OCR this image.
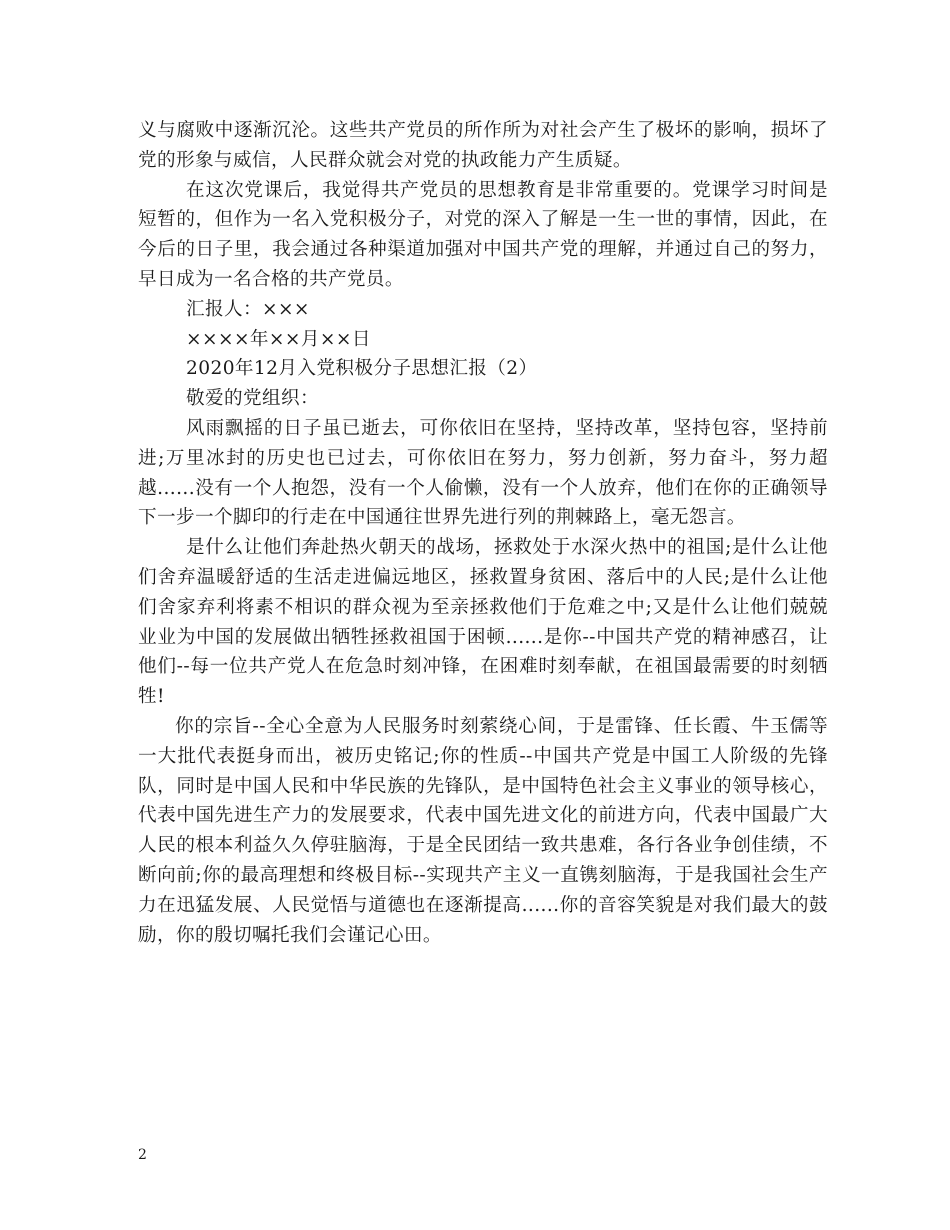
义与腐败中逐渐沉沦。这些共产党员的所作所为对社会产生了极坏的影响，损坏了党的形象与威信，人民群众就会对党的执政能力产生质疑。

在这次党课后，我觉得共产党员的思想教育是非常重要的。党课学习时间是短暂的，但作为一名入党积极分子，对党的深入了解是一生一世的事情，因此，在今后的日子里，我会通过各种渠道加强对中国共产党的理解，并通过自己的努力，早日成为一名合格的共产党员。

汇报人：×××

××××年××月××日

2020年12月入党积极分子思想汇报（2）

敬爱的党组织：

风雨飘摇的日子虽已逝去，可你依旧在坚持，坚持改革，坚持包容，坚持前进;万里冰封的历史也已过去，可你依旧在努力，努力创新，努力奋斗，努力超越......没有一个人抱怨，没有一个人偷懒，没有一个人放弃，他们在你的正确领导下一步一个脚印的行走在中国通往世界先进行列的荆棘路上，毫无怨言。

是什么让他们奔赴热火朝天的战场，拯救处于水深火热中的祖国;是什么让他们舍弃温暖舒适的生活走进偏远地区，拯救置身贫困、落后中的人民;是什么让他们舍家弃利将素不相识的群众视为至亲拯救他们于危难之中;又是什么让他们兢兢业业为中国的发展做出牺牲拯救祖国于困顿......是你--中国共产党的精神感召，让他们--每一位共产党人在危急时刻冲锋，在困难时刻奉献，在祖国最需要的时刻牺牲!

你的宗旨--全心全意为人民服务时刻萦绕心间，于是雷锋、任长霞、牛玉儒等一大批代表挺身而出，被历史铭记;你的性质--中国共产党是中国工人阶级的先锋队，同时是中国人民和中华民族的先锋队，是中国特色社会主义事业的领导核心，代表中国先进生产力的发展要求，代表中国先进文化的前进方向，代表中国最广大人民的根本利益久久停驻脑海，于是全民团结一致共患难，各行各业争创佳绩，不断向前;你的最高理想和终极目标--实现共产主义一直镌刻脑海，于是我国社会生产力在迅猛发展、人民觉悟与道德也在逐渐提高......你的音容笑貌是对我们最大的鼓励，你的殷切嘱托我们会谨记心田。

2
